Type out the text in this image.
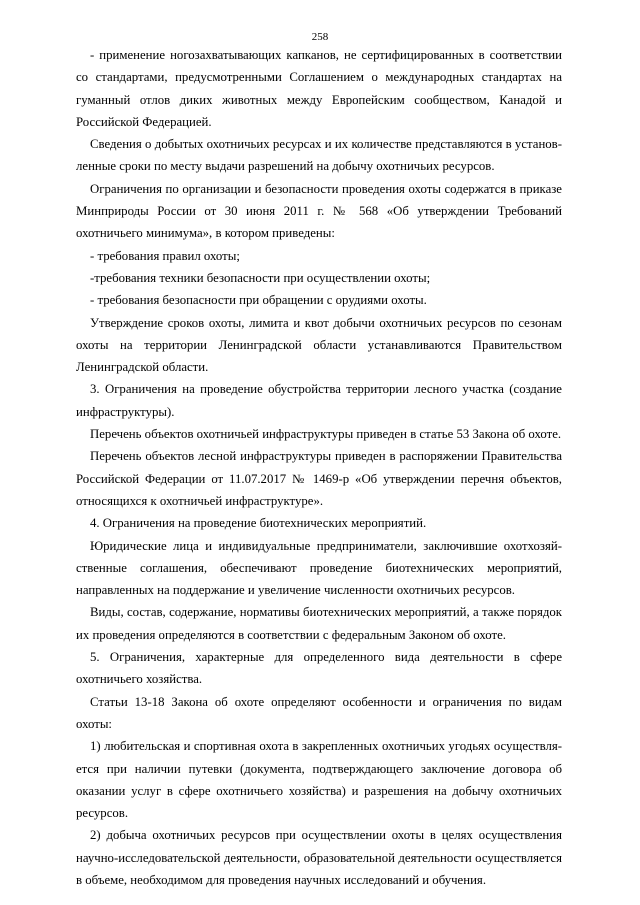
258

- применение ногозахватывающих капканов, не сертифицированных в соответствии со стандартами, предусмотренными Соглашением о международных стандартах на гуманный отлов диких животных между Европейским сообществом, Канадой и Российской Федерацией.

Сведения о добытых охотничьих ресурсах и их количестве представляются в установленные сроки по месту выдачи разрешений на добычу охотничьих ресурсов.

Ограничения по организации и безопасности проведения охоты содержатся в приказе Минприроды России от 30 июня 2011 г. № 568 «Об утверждении Требований охотничьего минимума», в котором приведены:

- требования правил охоты;

-требования техники безопасности при осуществлении охоты;

- требования безопасности при обращении с орудиями охоты.

Утверждение сроков охоты, лимита и квот добычи охотничьих ресурсов по сезонам охоты на территории Ленинградской области устанавливаются Правительством Ленинградской области.

3. Ограничения на проведение обустройства территории лесного участка (создание инфраструктуры).

Перечень объектов охотничьей инфраструктуры приведен в статье 53 Закона об охоте.

Перечень объектов лесной инфраструктуры приведен в распоряжении Правительства Российской Федерации от 11.07.2017 № 1469-р «Об утверждении перечня объектов, относящихся к охотничьей инфраструктуре».

4. Ограничения на проведение биотехнических мероприятий.

Юридические лица и индивидуальные предприниматели, заключившие охотхозяйственные соглашения, обеспечивают проведение биотехнических мероприятий, направленных на поддержание и увеличение численности охотничьих ресурсов.

Виды, состав, содержание, нормативы биотехнических мероприятий, а также порядок их проведения определяются в соответствии с федеральным Законом об охоте.

5. Ограничения, характерные для определенного вида деятельности в сфере охотничьего хозяйства.

Статьи 13-18 Закона об охоте определяют особенности и ограничения по видам охоты:

1) любительская и спортивная охота в закрепленных охотничьих угодьях осуществляется при наличии путевки (документа, подтверждающего заключение договора об оказании услуг в сфере охотничьего хозяйства) и разрешения на добычу охотничьих ресурсов.

2) добыча охотничьих ресурсов при осуществлении охоты в целях осуществления научно-исследовательской деятельности, образовательной деятельности осуществляется в объеме, необходимом для проведения научных исследований и обучения.
